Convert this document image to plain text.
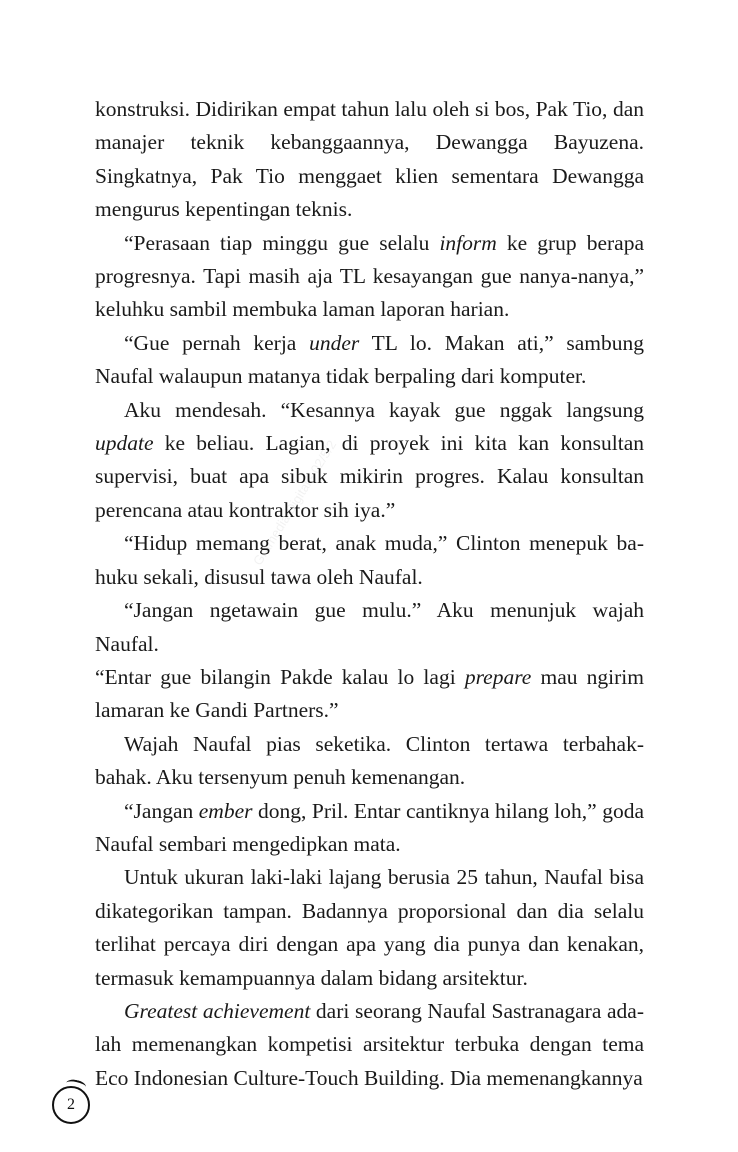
konstruksi. Didirikan empat tahun lalu oleh si bos, Pak Tio, dan manajer teknik kebanggaannya, Dewangga Bayuzena. Singkatnya, Pak Tio menggaet klien sementara Dewangga mengurus kepentingan teknis.

“Perasaan tiap minggu gue selalu inform ke grup berapa progresnya. Tapi masih aja TL kesayangan gue nanya-nanya,” keluhku sambil membuka laman laporan harian.

“Gue pernah kerja under TL lo. Makan ati,” sambung Naufal walaupun matanya tidak berpaling dari komputer.

Aku mendesah. “Kesannya kayak gue nggak langsung update ke beliau. Lagian, di proyek ini kita kan konsultan supervisi, buat apa sibuk mikirin progres. Kalau konsultan perencana atau kontraktor sih iya.”

“Hidup memang berat, anak muda,” Clinton menepuk bahuku sekali, disusul tawa oleh Naufal.

“Jangan ngetawain gue mulu.” Aku menunjuk wajah Naufal.

“Entar gue bilangin Pakde kalau lo lagi prepare mau ngirim lamaran ke Gandi Partners.”

Wajah Naufal pias seketika. Clinton tertawa terbahak-bahak. Aku tersenyum penuh kemenangan.

“Jangan ember dong, Pril. Entar cantiknya hilang loh,” goda Naufal sembari mengedipkan mata.

Untuk ukuran laki-laki lajang berusia 25 tahun, Naufal bisa dikategorikan tampan. Badannya proporsional dan dia selalu terlihat percaya diri dengan apa yang dia punya dan kenakan, termasuk kemampuannya dalam bidang arsitektur.

Greatest achievement dari seorang Naufal Sastranagara adalah memenangkan kompetisi arsitektur terbuka dengan tema Eco Indonesian Culture-Touch Building. Dia memenangkannya

Gramedia Digital - 02/5/2
2
